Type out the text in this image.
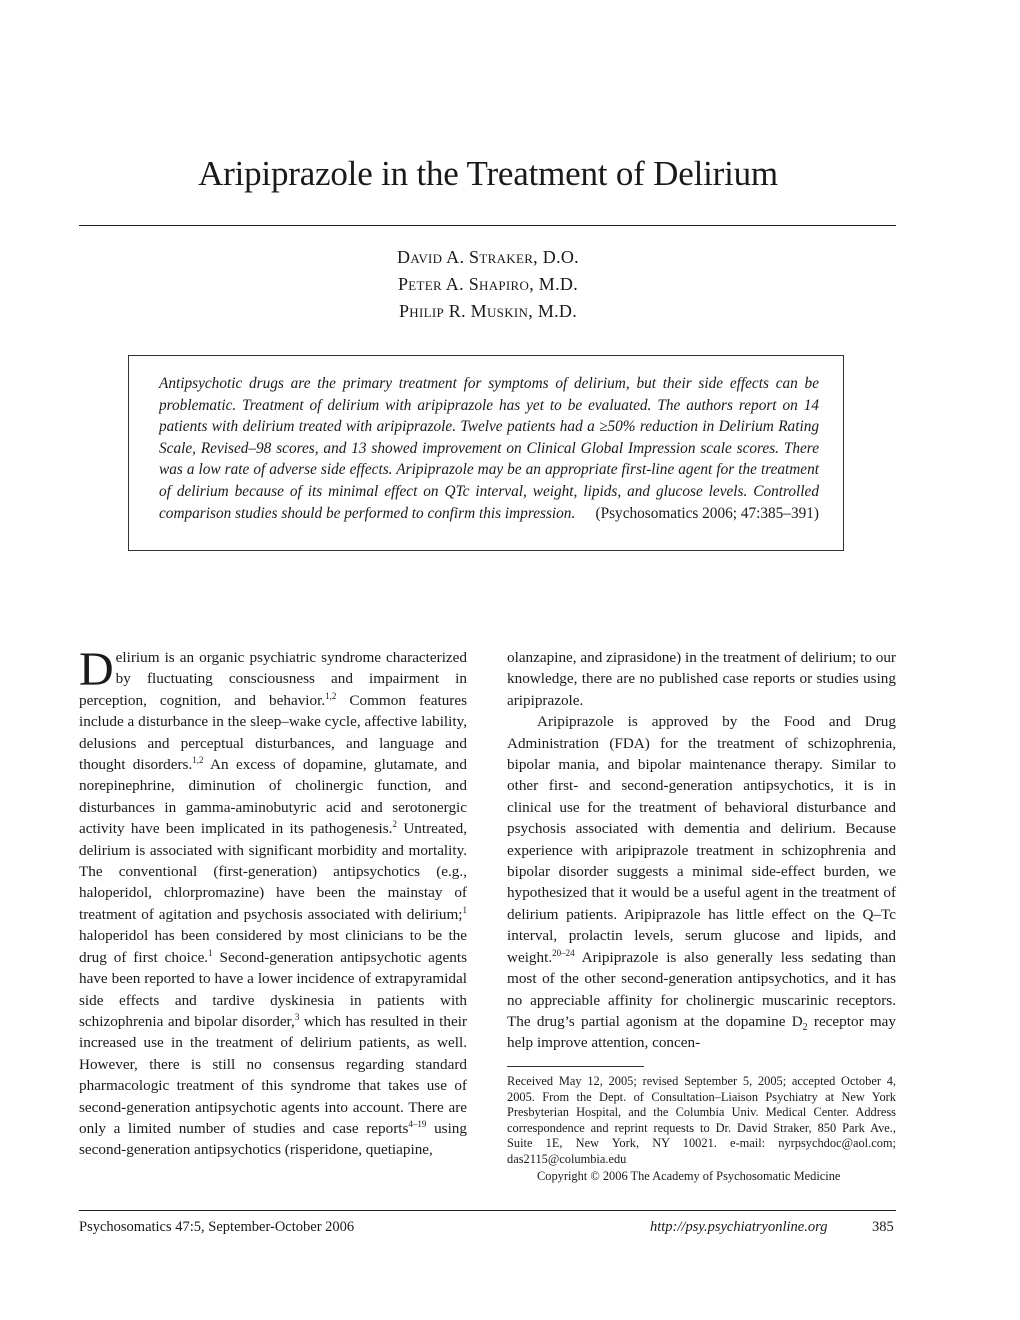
Aripiprazole in the Treatment of Delirium
David A. Straker, D.O.
Peter A. Shapiro, M.D.
Philip R. Muskin, M.D.

Antipsychotic drugs are the primary treatment for symptoms of delirium, but their side effects can be problematic. Treatment of delirium with aripiprazole has yet to be evaluated. The authors report on 14 patients with delirium treated with aripiprazole. Twelve patients had a ≥50% reduction in Delirium Rating Scale, Revised–98 scores, and 13 showed improvement on Clinical Global Impression scale scores. There was a low rate of adverse side effects. Aripiprazole may be an appropriate first-line agent for the treatment of delirium because of its minimal effect on QTc interval, weight, lipids, and glucose levels. Controlled comparison studies should be performed to confirm this impression. (Psychosomatics 2006; 47:385–391)

Delirium is an organic psychiatric syndrome characterized by fluctuating consciousness and impairment in perception, cognition, and behavior.$^{1,2}$ Common features include a disturbance in the sleep–wake cycle, affective lability, delusions and perceptual disturbances, and language and thought disorders.$^{1,2}$ An excess of dopamine, glutamate, and norepinephrine, diminution of cholinergic function, and disturbances in gamma-aminobutyric acid and serotonergic activity have been implicated in its pathogenesis.$^2$ Untreated, delirium is associated with significant morbidity and mortality. The conventional (first-generation) antipsychotics (e.g., haloperidol, chlorpromazine) have been the mainstay of treatment of agitation and psychosis associated with delirium;$^1$ haloperidol has been considered by most clinicians to be the drug of first choice.$^1$ Second-generation antipsychotic agents have been reported to have a lower incidence of extrapyramidal side effects and tardive dyskinesia in patients with schizophrenia and bipolar disorder,$^3$ which has resulted in their increased use in the treatment of delirium patients, as well. However, there is still no consensus regarding standard pharmacologic treatment of this syndrome that takes use of second-generation antipsychotic agents into account. There are only a limited number of studies and case reports$^{4-19}$ using second-generation antipsychotics (risperidone, quetiapine,

olanzapine, and ziprasidone) in the treatment of delirium; to our knowledge, there are no published case reports or studies using aripiprazole.

Aripiprazole is approved by the Food and Drug Administration (FDA) for the treatment of schizophrenia, bipolar mania, and bipolar maintenance therapy. Similar to other first- and second-generation antipsychotics, it is in clinical use for the treatment of behavioral disturbance and psychosis associated with dementia and delirium. Because experience with aripiprazole treatment in schizophrenia and bipolar disorder suggests a minimal side-effect burden, we hypothesized that it would be a useful agent in the treatment of delirium patients. Aripiprazole has little effect on the Q–Tc interval, prolactin levels, serum glucose and lipids, and weight.$^{20-24}$ Aripiprazole is also generally less sedating than most of the other second-generation antipsychotics, and it has no appreciable affinity for cholinergic muscarinic receptors. The drug’s partial agonism at the dopamine $D_2$ receptor may help improve attention, concen-

Received May 12, 2005; revised September 5, 2005; accepted October 4, 2005. From the Dept. of Consultation–Liaison Psychiatry at New York Presbyterian Hospital, and the Columbia Univ. Medical Center. Address correspondence and reprint requests to Dr. David Straker, 850 Park Ave., Suite 1E, New York, NY 10021. e-mail: nyrpsychdoc@aol.com; das2115@columbia.edu

Copyright © 2006 The Academy of Psychosomatic Medicine

Psychosomatics 47:5, September-October 2006	http://psy.psychiatryonline.org	385
